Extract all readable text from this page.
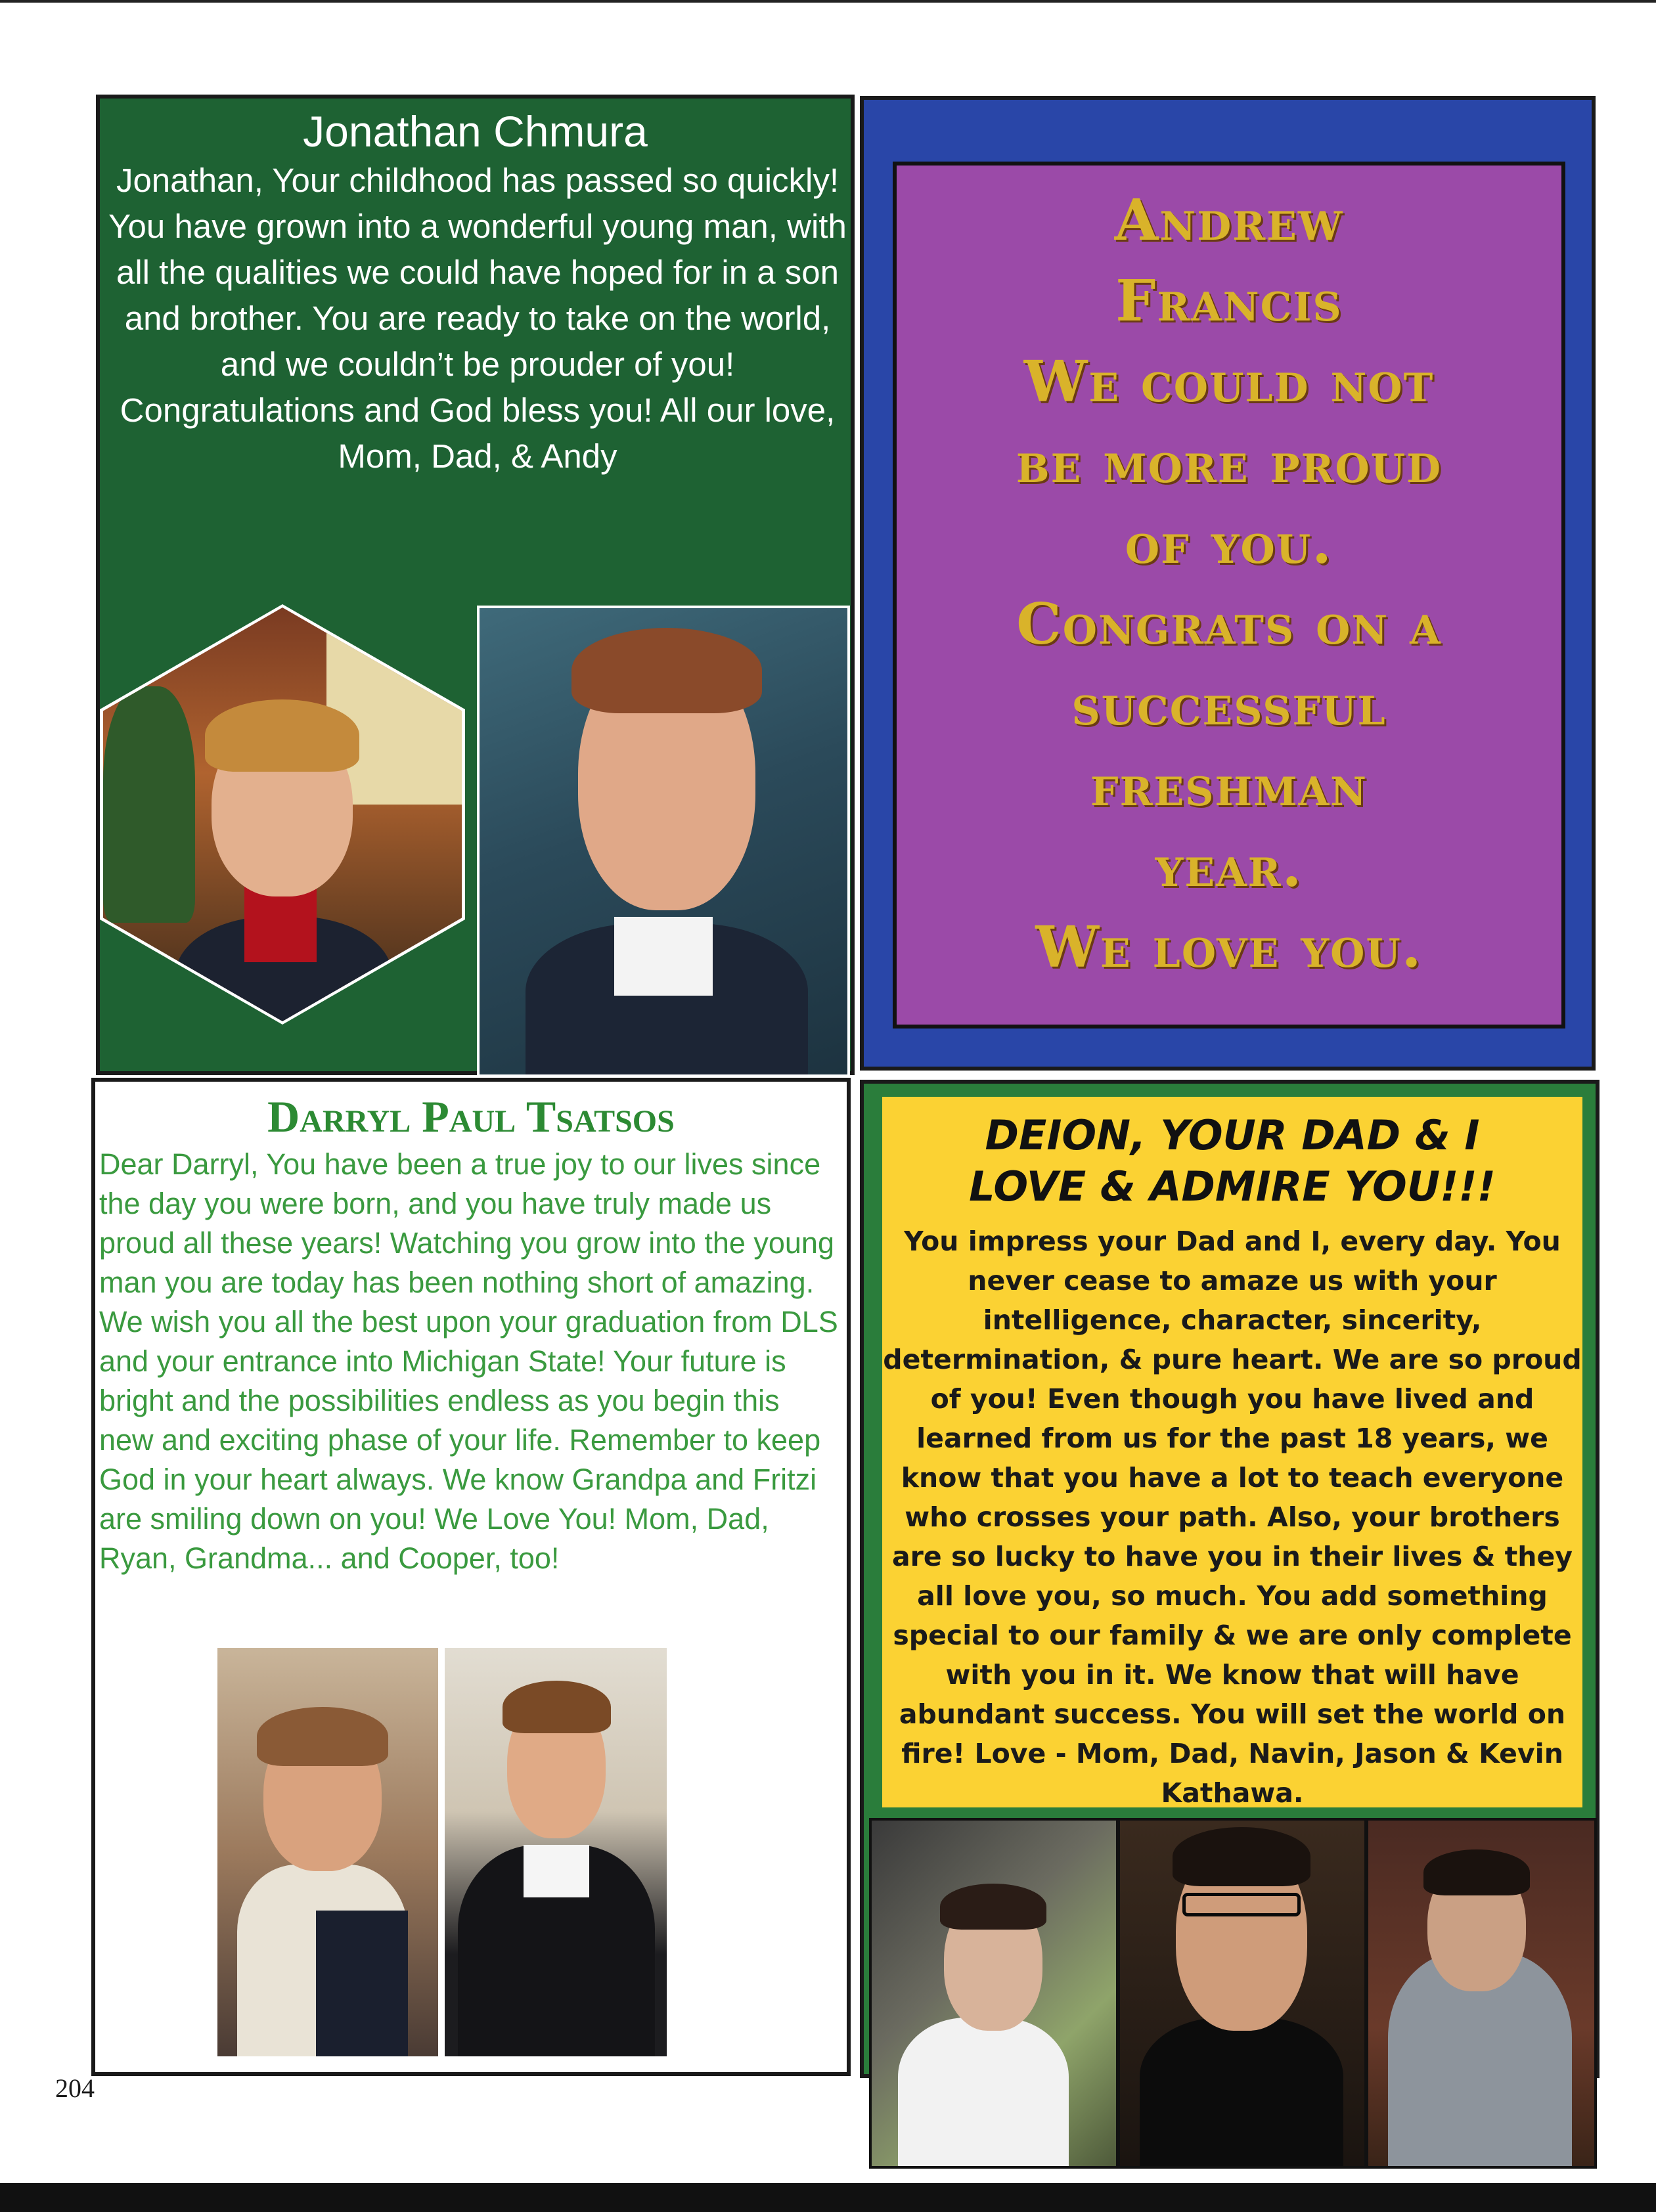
Jonathan Chmura
Jonathan, Your childhood has passed so quickly! You have grown into a wonderful young man, with all the qualities we could have hoped for in a son and brother. You are ready to take on the world, and we couldn’t be prouder of you! Congratulations and God bless you! All our love, Mom, Dad, & Andy
Andrew
Francis
We could not
be more proud
of you.
Congrats on a
successful
freshman
year.
We love you.
Darryl Paul Tsatsos
Dear Darryl, You have been a true joy to our lives since the day you were born, and you have truly made us proud all these years! Watching you grow into the young man you are today has been nothing short of amazing. We wish you all the best upon your graduation from DLS and your entrance into Michigan State! Your future is bright and the possibilities endless as you begin this new and exciting phase of your life. Remember to keep God in your heart always. We know Grandpa and Fritzi are smiling down on you! We Love You! Mom, Dad, Ryan, Grandma... and Cooper, too!
DEION, YOUR DAD & I
LOVE & ADMIRE YOU!!!
You impress your Dad and I, every day. You never cease to amaze us with your intelligence, character, sincerity, determination, & pure heart. We are so proud of you! Even though you have lived and learned from us for the past 18 years, we know that you have a lot to teach everyone who crosses your path. Also, your brothers are so lucky to have you in their lives & they all love you, so much. You add something special to our family & we are only complete with you in it. We know that will have abundant success. You will set the world on fire! Love - Mom, Dad, Navin, Jason & Kevin Kathawa.
204
